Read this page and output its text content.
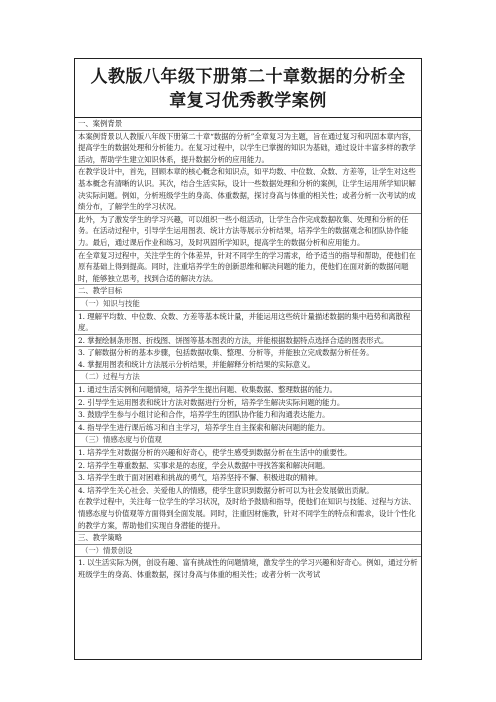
人教版八年级下册第二十章数据的分析全
章复习优秀教学案例

一、案例背景

本案例背景以人教版八年级下册第二十章“数据的分析”全章复习为主题，旨在通过复习和巩固本章内容，提高学生的数据处理和分析能力。在复习过程中，以学生已掌握的知识为基础，通过设计丰富多样的教学活动，帮助学生建立知识体系，提升数据分析的应用能力。

在教学设计中，首先，回顾本章的核心概念和知识点，如平均数、中位数、众数、方差等，让学生对这些基本概念有清晰的认识。其次，结合生活实际，设计一些数据处理和分析的案例，让学生运用所学知识解决实际问题。例如，分析班级学生的身高、体重数据，探讨身高与体重的相关性；或者分析一次考试的成绩分布，了解学生的学习状况。

此外，为了激发学生的学习兴趣，可以组织一些小组活动，让学生合作完成数据收集、处理和分析的任务。在活动过程中，引导学生运用图表、统计方法等展示分析结果，培养学生的数据观念和团队协作能力。最后，通过课后作业和练习，及时巩固所学知识，提高学生的数据分析和应用能力。

在全章复习过程中，关注学生的个体差异，针对不同学生的学习需求，给予适当的指导和帮助，使他们在原有基础上得到提高。同时，注重培养学生的创新思维和解决问题的能力，使他们在面对新的数据问题时，能够独立思考，找到合适的解决方法。

二、教学目标

（一）知识与技能

1. 理解平均数、中位数、众数、方差等基本统计量，并能运用这些统计量描述数据的集中趋势和离散程度。

2. 掌握绘制条形图、折线图、饼图等基本图表的方法，并能根据数据特点选择合适的图表形式。

3. 了解数据分析的基本步骤，包括数据收集、整理、分析等，并能独立完成数据分析任务。

4. 掌握用图表和统计方法展示分析结果，并能解释分析结果的实际意义。

（二）过程与方法

1. 通过生活实例和问题情境，培养学生提出问题、收集数据、整理数据的能力。

2. 引导学生运用图表和统计方法对数据进行分析，培养学生解决实际问题的能力。

3. 鼓励学生参与小组讨论和合作，培养学生的团队协作能力和沟通表达能力。

4. 指导学生进行课后练习和自主学习，培养学生自主探索和解决问题的能力。

（三）情感态度与价值观

1. 培养学生对数据分析的兴趣和好奇心，使学生感受到数据分析在生活中的重要性。

2. 培养学生尊重数据、实事求是的态度，学会从数据中寻找答案和解决问题。

3. 培养学生敢于面对困难和挑战的勇气，培养坚持不懈、积极进取的精神。

4. 培养学生关心社会、关爱他人的情感，使学生意识到数据分析可以为社会发展做出贡献。

在教学过程中，关注每一位学生的学习状况，及时给予鼓励和指导，使他们在知识与技能、过程与方法、情感态度与价值观等方面得到全面发展。同时，注重因材施教，针对不同学生的特点和需求，设计个性化的教学方案，帮助他们实现自身潜能的提升。

三、教学策略

（一）情景创设

1. 以生活实际为例，创设有趣、富有挑战性的问题情境，激发学生的学习兴趣和好奇心。例如，通过分析班级学生的身高、体重数据，探讨身高与体重的相关性；或者分析一次考试
